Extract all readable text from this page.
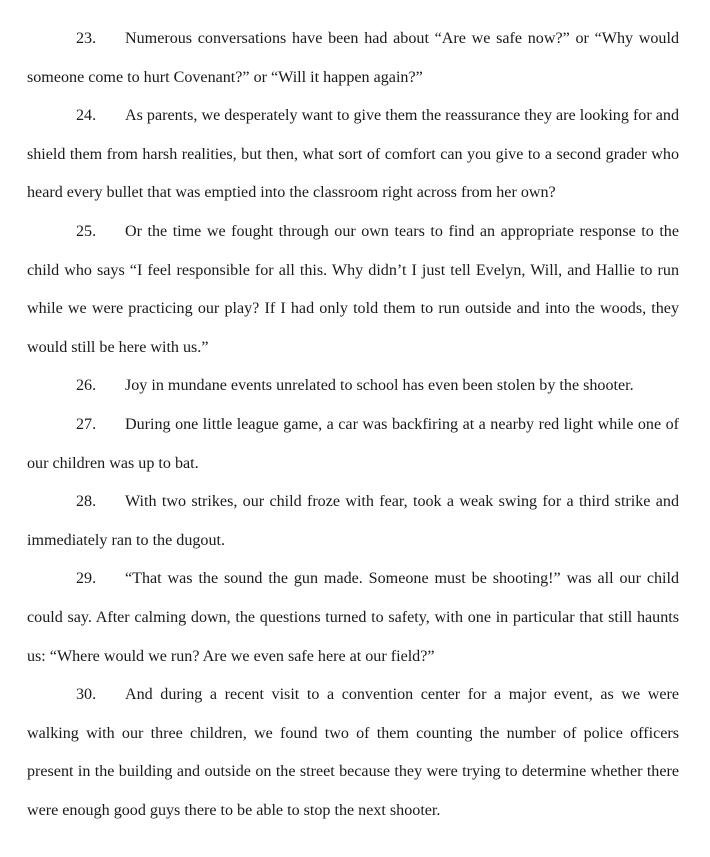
23. Numerous conversations have been had about “Are we safe now?” or “Why would someone come to hurt Covenant?” or “Will it happen again?”

24. As parents, we desperately want to give them the reassurance they are looking for and shield them from harsh realities, but then, what sort of comfort can you give to a second grader who heard every bullet that was emptied into the classroom right across from her own?

25. Or the time we fought through our own tears to find an appropriate response to the child who says “I feel responsible for all this. Why didn’t I just tell Evelyn, Will, and Hallie to run while we were practicing our play? If I had only told them to run outside and into the woods, they would still be here with us.”

26. Joy in mundane events unrelated to school has even been stolen by the shooter.

27. During one little league game, a car was backfiring at a nearby red light while one of our children was up to bat.

28. With two strikes, our child froze with fear, took a weak swing for a third strike and immediately ran to the dugout.

29. “That was the sound the gun made. Someone must be shooting!” was all our child could say. After calming down, the questions turned to safety, with one in particular that still haunts us: “Where would we run? Are we even safe here at our field?”

30. And during a recent visit to a convention center for a major event, as we were walking with our three children, we found two of them counting the number of police officers present in the building and outside on the street because they were trying to determine whether there were enough good guys there to be able to stop the next shooter.
